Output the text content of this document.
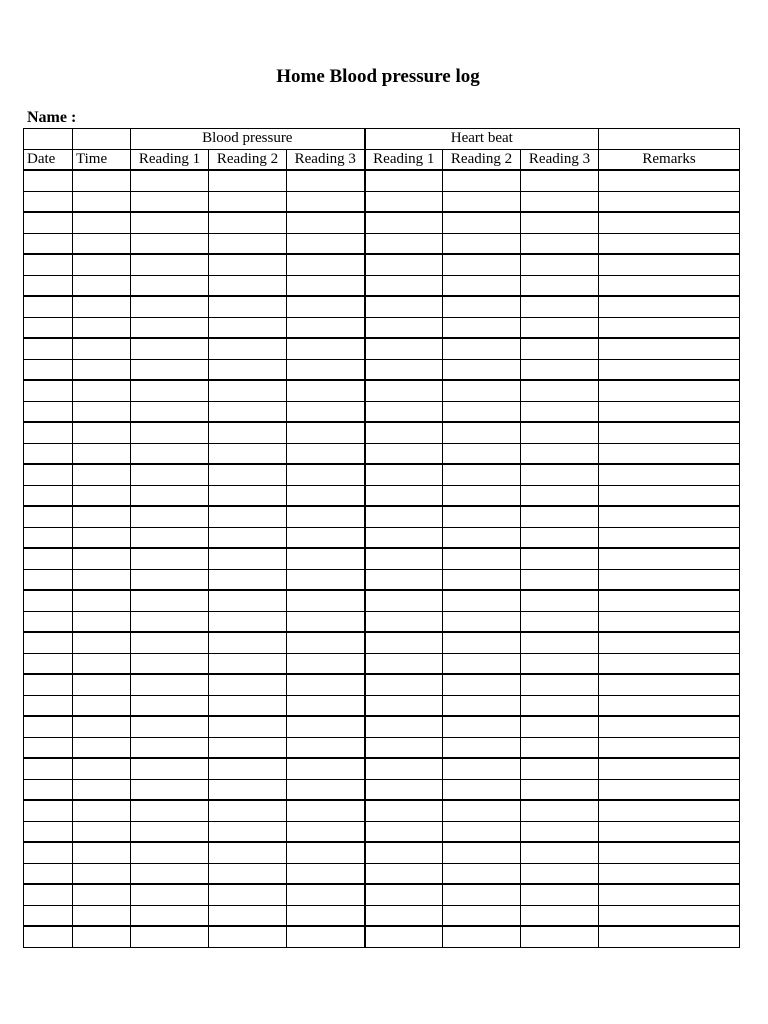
Home Blood pressure log
Name :
		Blood pressure			Heart beat			
Date	Time	Reading 1	Reading 2	Reading 3	Reading 1	Reading 2	Reading 3	Remarks
